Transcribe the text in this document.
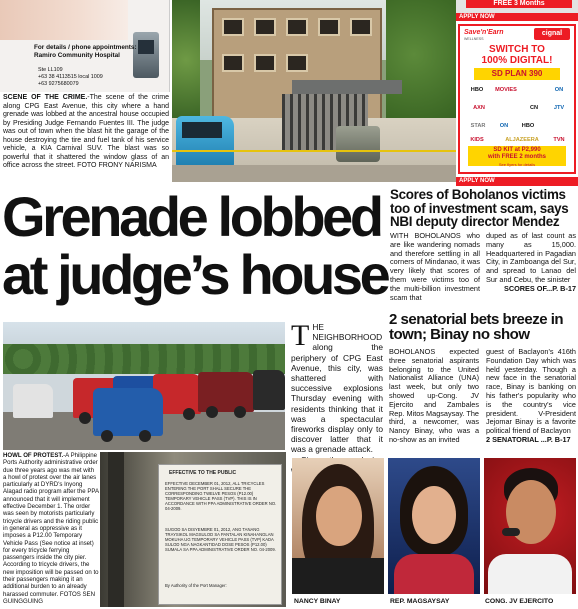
For details / phone appointments:
Ramiro Community Hospital
Ste LL109
+63 38 4113515 local 1009
+63 9275680079
SCENE OF THE CRIME.-The scene of the crime along CPG East Avenue, this city where a hand grenade was lobbed at the ancestral house occupied by Presiding Judge Fernando Fuentes III. The judge was out of town when the blast hit the garage of the house destroying the tire and fuel tank of his service vehicle, a KIA Carnival SUV. The blast was so powerful that it shattered the window glass of an office across the street. FOTO FRONY NARISMA
FREE 3 Months
APPLY NOW
Save'n'Earn
WELLNESS
cignal
SWITCH TO
100% DIGITAL!
SD PLAN 390
HBO	MOVIES	ON
AXN	CN	JTV
STAR	ON	HBO
KIDS	ALJAZEERA	TVN
SD KIT at P2,990
with FREE 2 months
See flyers for details
APPLY NOW
Grenade lobbed
at judge’s house
Scores of Boholanos victims too of investment scam, says NBI deputy director Mendez
WITH BOHOLANOS who are like wandering nomads and therefore settling in all corners of Mindanao, it was very likely that scores of them were victims too of the multi-billion investment scam that
duped as of last count as many as 15,000. Headquartered in Pagadian City, in Zamboanga del Sur, and spread to Lanao del Sur and Cebu, the sinister
SCORES OF...P. B-17
HOWL OF PROTEST.-A Philippine Ports Authority administrative order due three years ago was met with a howl of protest over the air lanes particularly at DYRD's Inyong Alagad radio program after the PPA announced that it will implement effective December 1. The order was seen by motorists particularly tricycle drivers and the riding public in general as oppressive as it imposes a P12.00 Temporary Vehicle Pass (See notice at inset) for every tricycle ferrying passengers inside the city pier. According to tricycle drivers, the new imposition will be passed on to their passengers making it an additional burden to an already harassed commuter. FOTOS SEN GUINGGUING
EFFECTIVE TO THE PUBLIC
EFFECTIVE DECEMBER 01, 2012, ALL TRICYCLES ENTERING THE PORT SHALL SECURE THE CORRESPONDING TWELVE PESOS (P12.00) TEMPORARY VEHICLE PASS (TVP). THIS IS IN ACCORDANCE WITH PPA ADMINISTRATIVE ORDER NO. 04-2009.
SUGOD SA DISYEMBRE 01, 2012, ANG TANANG TRAYSIKOL MAGSULOD SA PANTALAN KINAHANGLAN MOKUHA UG TEMPORARY VEHICLE PASS (TVP) KADA SULOD NGA NAGKANTIDAD DOSE PESOS (P12.00) SUMALA SA PPA ADMINISTRATIVE ORDER NO. 04-2009.
By Authority of the Port Manager:
THE NEIGHBORHOOD along the periphery of CPG East Avenue, this city, was shattered with successive explosions Thursday evening with residents thinking that it was a spectacular fireworks display only to discover latter that it was a grenade attack.
2 senatorial bets breeze in town; Binay no show
BOHOLANOS expected three senatorial aspirants belonging to the United Nationalist Alliance (UNA) last week, but only two showed up-Cong. JV Ejercito and Zambales Rep. Mitos Magsaysay. The third, a newcomer, was Nancy Binay, who was a no-show as an invited
guest of Baclayon's 416th Foundation Day which was held yesterday. Though a new face in the senatorial race, Binay is banking on his father's popularity who is the country's vice president. V-President Jejomar Binay is a favorite political friend of Baclayon
2 SENATORIAL ...P. B-17
NANCY BINAY	REP. MAGSAYSAY	CONG. JV EJERCITO
